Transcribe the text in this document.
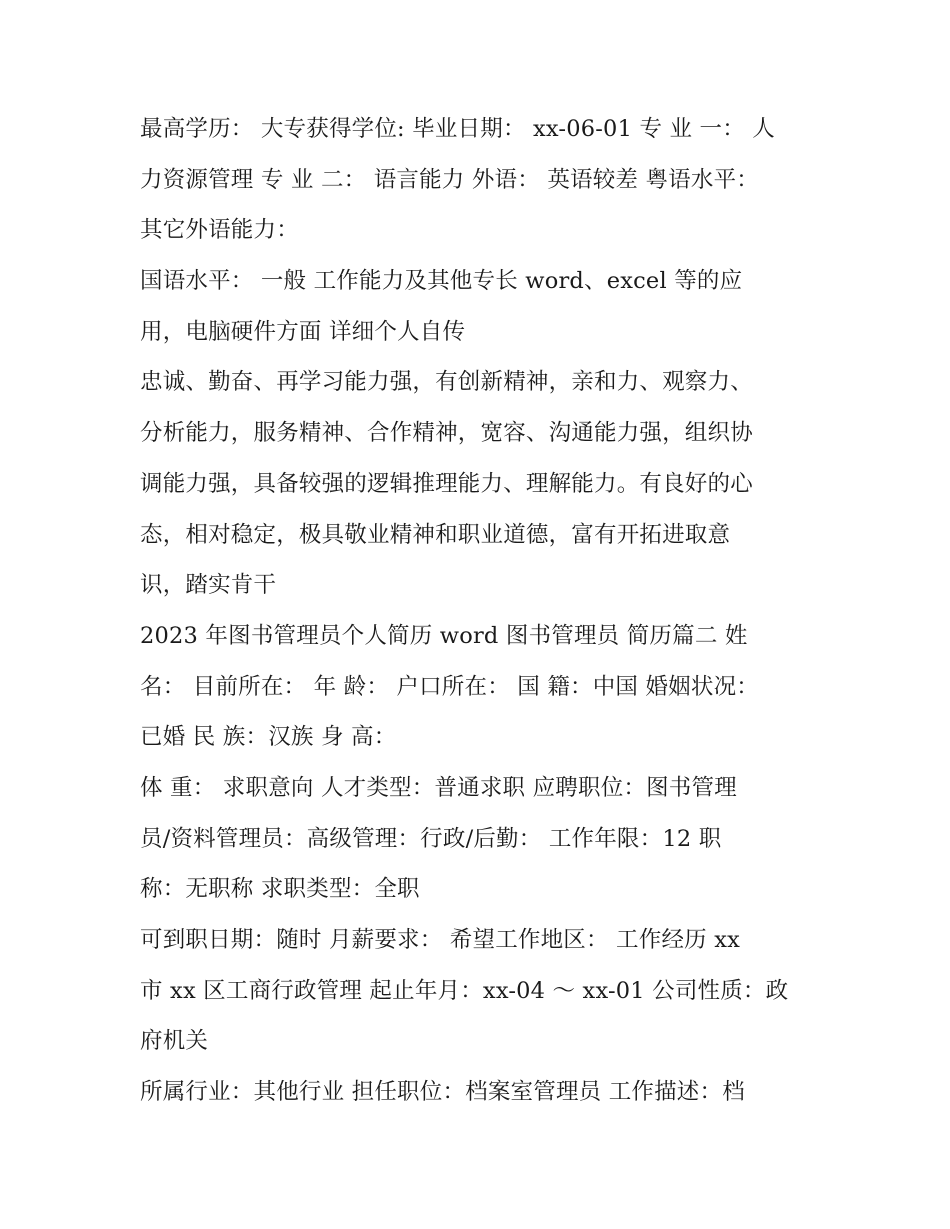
最高学历： 大专获得学位: 毕业日期： xx-06-01 专 业 一： 人
力资源管理 专 业 二： 语言能力 外语： 英语较差 粤语水平：
其它外语能力：
国语水平： 一般 工作能力及其他专长 word、excel 等的应
用，电脑硬件方面 详细个人自传
忠诚、勤奋、再学习能力强，有创新精神，亲和力、观察力、
分析能力，服务精神、合作精神，宽容、沟通能力强，组织协
调能力强，具备较强的逻辑推理能力、理解能力。有良好的心
态，相对稳定，极具敬业精神和职业道德，富有开拓进取意
识，踏实肯干
2023 年图书管理员个人简历 word 图书管理员 简历篇二 姓
名： 目前所在： 年 龄： 户口所在： 国 籍：中国 婚姻状况：
已婚 民 族：汉族 身 高：
体 重： 求职意向 人才类型：普通求职 应聘职位：图书管理
员/资料管理员：高级管理：行政/后勤： 工作年限：12 职
称：无职称 求职类型：全职
可到职日期：随时 月薪要求： 希望工作地区： 工作经历 xx
市 xx 区工商行政管理 起止年月：xx-04 ～ xx-01 公司性质：政
府机关
所属行业：其他行业 担任职位：档案室管理员 工作描述：档
